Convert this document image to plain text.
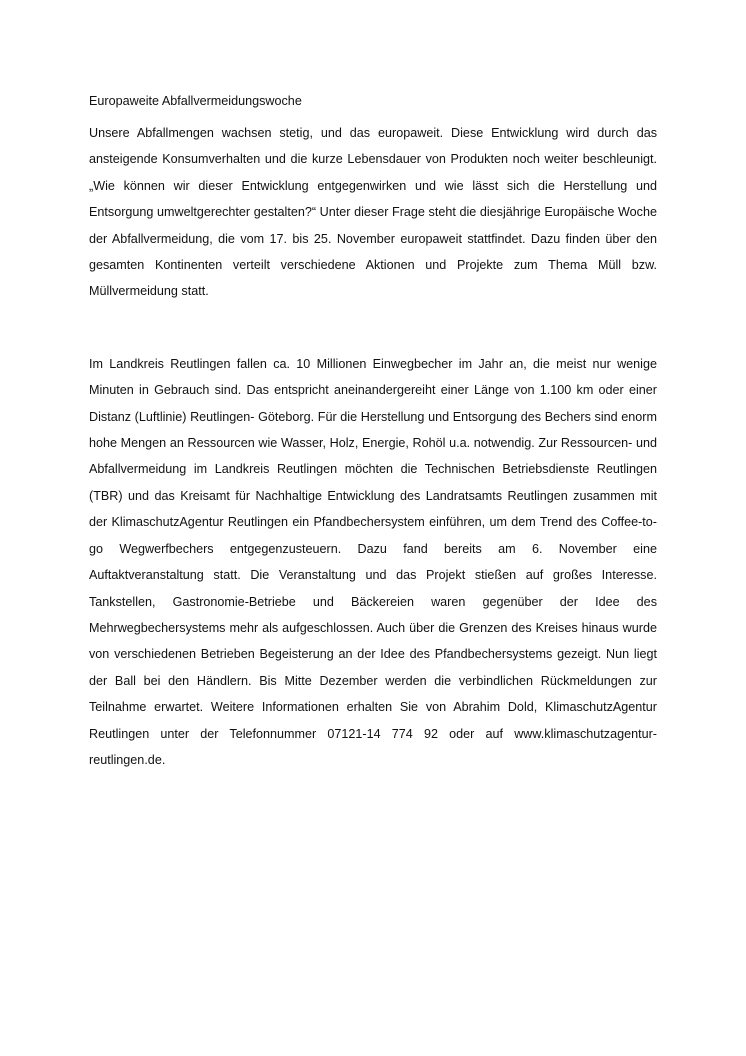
Europaweite Abfallvermeidungswoche

Unsere Abfallmengen wachsen stetig, und das europaweit. Diese Entwicklung wird durch das ansteigende Konsumverhalten und die kurze Lebensdauer von Produkten noch weiter beschleunigt. „Wie können wir dieser Entwicklung entgegenwirken und wie lässt sich die Herstellung und Entsorgung umweltgerechter gestalten?“ Unter dieser Frage steht die diesjährige Europäische Woche der Abfallvermeidung, die vom 17. bis 25. November europaweit stattfindet. Dazu finden über den gesamten Kontinenten verteilt verschiedene Aktionen und Projekte zum Thema Müll bzw. Müllvermeidung statt.

Im Landkreis Reutlingen fallen ca. 10 Millionen Einwegbecher im Jahr an, die meist nur wenige Minuten in Gebrauch sind. Das entspricht aneinandergereiht einer Länge von 1.100 km oder einer Distanz (Luftlinie) Reutlingen- Göteborg. Für die Herstellung und Entsorgung des Bechers sind enorm hohe Mengen an Ressourcen wie Wasser, Holz, Energie, Rohöl u.a. notwendig. Zur Ressourcen- und Abfallvermeidung im Landkreis Reutlingen möchten die Technischen Betriebsdienste Reutlingen (TBR) und das Kreisamt für Nachhaltige Entwicklung des Landratsamts Reutlingen zusammen mit der KlimaschutzAgentur Reutlingen ein Pfandbechersystem einführen, um dem Trend des Coffee-to-go Wegwerfbechers entgegenzusteuern. Dazu fand bereits am 6. November eine Auftaktveranstaltung statt. Die Veranstaltung und das Projekt stießen auf großes Interesse. Tankstellen, Gastronomie-Betriebe und Bäckereien waren gegenüber der Idee des Mehrwegbechersystems mehr als aufgeschlossen. Auch über die Grenzen des Kreises hinaus wurde von verschiedenen Betrieben Begeisterung an der Idee des Pfandbechersystems gezeigt. Nun liegt der Ball bei den Händlern. Bis Mitte Dezember werden die verbindlichen Rückmeldungen zur Teilnahme erwartet. Weitere Informationen erhalten Sie von Abrahim Dold, KlimaschutzAgentur Reutlingen unter der Telefonnummer 07121-14 774 92 oder auf www.klimaschutzagentur-reutlingen.de.
